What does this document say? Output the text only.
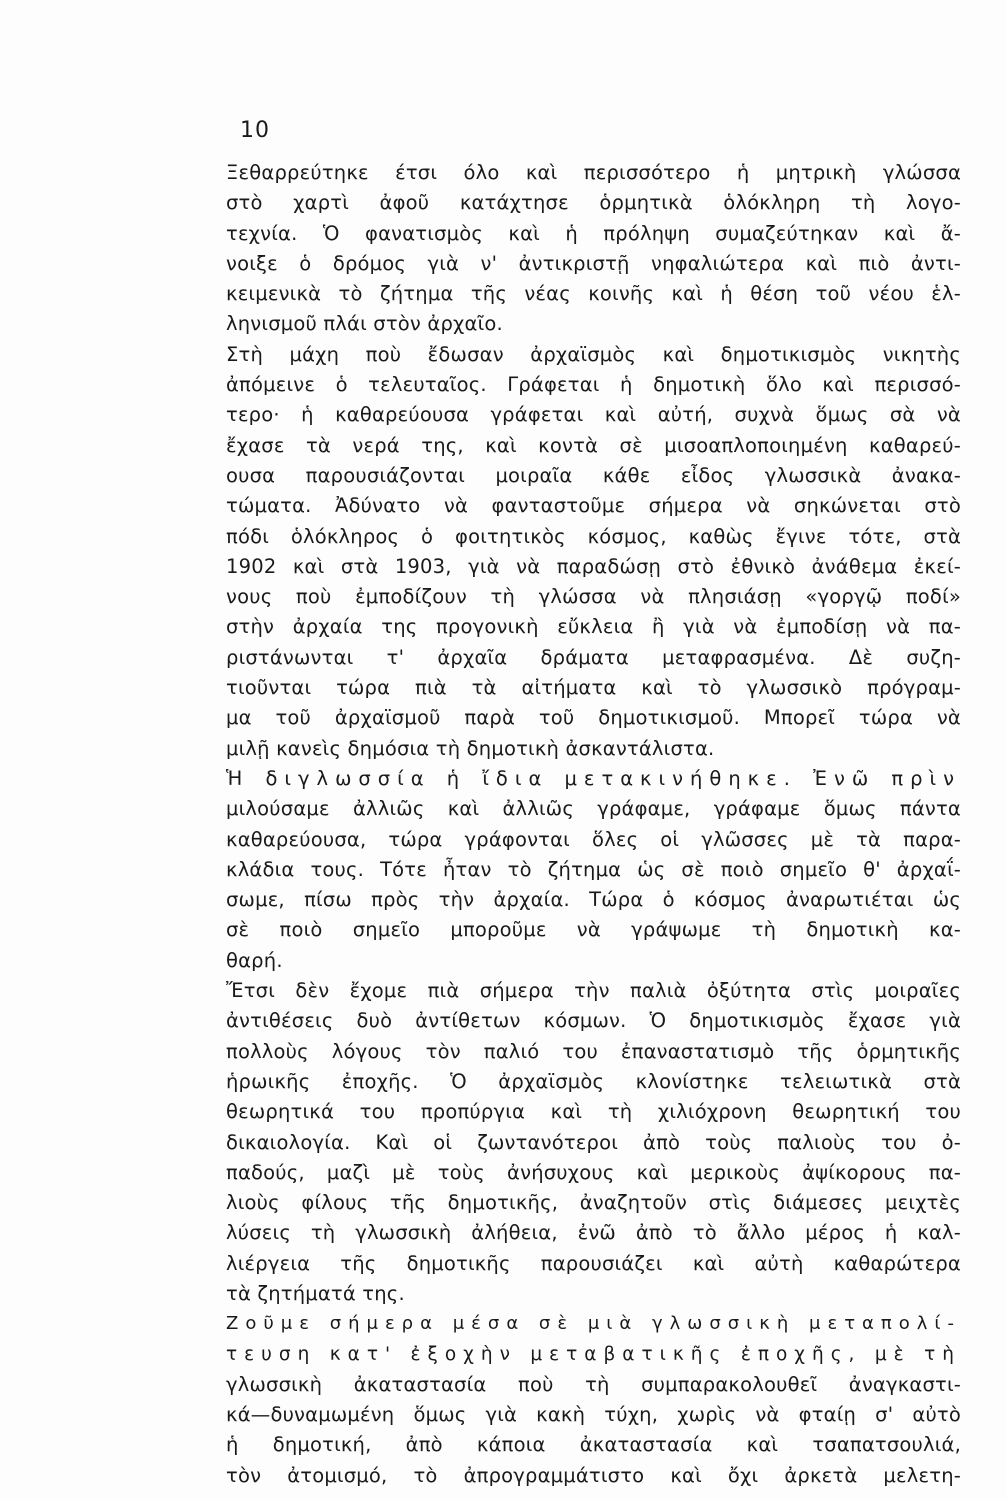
10
Ξεθαρρεύτηκε έτσι όλο καὶ περισσότερο ἡ μητρικὴ γλώσσα
στὸ χαρτὶ ἀφοῦ κατάχτησε ὁρμητικὰ ὁλόκληρη τὴ λογο-
τεχνία. Ὁ φανατισμὸς καὶ ἡ πρόληψη συμαζεύτηκαν καὶ ἄ-
νοιξε ὁ δρόμος γιὰ ν' ἀντικριστῇ νηφαλιώτερα καὶ πιὸ ἀντι-
κειμενικὰ τὸ ζήτημα τῆς νέας κοινῆς καὶ ἡ θέση τοῦ νέου ἑλ-
ληνισμοῦ πλάι στὸν ἀρχαῖο.
Στὴ μάχη ποὺ ἔδωσαν ἀρχαϊσμὸς καὶ δημοτικισμὸς νικητὴς
ἀπόμεινε ὁ τελευταῖος. Γράφεται ἡ δημοτικὴ ὅλο καὶ περισσό-
τερο· ἡ καθαρεύουσα γράφεται καὶ αὐτή, συχνὰ ὅμως σὰ νὰ
ἔχασε τὰ νερά της, καὶ κοντὰ σὲ μισοαπλοποιημένη καθαρεύ-
ουσα παρουσιάζονται μοιραῖα κάθε εἶδος γλωσσικὰ ἀνακα-
τώματα. Ἀδύνατο νὰ φανταστοῦμε σήμερα νὰ σηκώνεται στὸ
πόδι ὁλόκληρος ὁ φοιτητικὸς κόσμος, καθὼς ἔγινε τότε, στὰ
1902 καὶ στὰ 1903, γιὰ νὰ παραδώσῃ στὸ ἐθνικὸ ἀνάθεμα ἐκεί-
νους ποὺ ἐμποδίζουν τὴ γλώσσα νὰ πλησιάσῃ «γοργῷ ποδί»
στὴν ἀρχαία της προγονικὴ εὔκλεια ἢ γιὰ νὰ ἐμποδίσῃ νὰ πα-
ριστάνωνται τ' ἀρχαῖα δράματα μεταφρασμένα. Δὲ συζη-
τιοῦνται τώρα πιὰ τὰ αἰτήματα καὶ τὸ γλωσσικὸ πρόγραμ-
μα τοῦ ἀρχαϊσμοῦ παρὰ τοῦ δημοτικισμοῦ. Μπορεῖ τώρα νὰ
μιλῇ κανεὶς δημόσια τὴ δημοτικὴ ἀσκαντάλιστα.
Ἡ διγλωσσία ἡ ἴδια μετακινήθηκε. Ἐνῶ πρὶν
μιλούσαμε ἀλλιῶς καὶ ἀλλιῶς γράφαμε, γράφαμε ὅμως πάντα
καθαρεύουσα, τώρα γράφονται ὅλες οἱ γλῶσσες μὲ τὰ παρα-
κλάδια τους. Τότε ἦταν τὸ ζήτημα ὡς σὲ ποιὸ σημεῖο θ' ἀρχαΐ-
σωμε, πίσω πρὸς τὴν ἀρχαία. Τώρα ὁ κόσμος ἀναρωτιέται ὡς
σὲ ποιὸ σημεῖο μποροῦμε νὰ γράψωμε τὴ δημοτικὴ κα-
θαρή.
Ἔτσι δὲν ἔχομε πιὰ σήμερα τὴν παλιὰ ὀξύτητα στὶς μοιραῖες
ἀντιθέσεις δυὸ ἀντίθετων κόσμων. Ὁ δημοτικισμὸς ἔχασε γιὰ
πολλοὺς λόγους τὸν παλιό του ἐπαναστατισμὸ τῆς ὁρμητικῆς
ἡρωικῆς ἐποχῆς. Ὁ ἀρχαϊσμὸς κλονίστηκε τελειωτικὰ στὰ
θεωρητικά του προπύργια καὶ τὴ χιλιόχρονη θεωρητική του
δικαιολογία. Καὶ οἱ ζωντανότεροι ἀπὸ τοὺς παλιοὺς του ὀ-
παδούς, μαζὶ μὲ τοὺς ἀνήσυχους καὶ μερικοὺς ἀψίκορους πα-
λιοὺς φίλους τῆς δημοτικῆς, ἀναζητοῦν στὶς διάμεσες μειχτὲς
λύσεις τὴ γλωσσικὴ ἀλήθεια, ἐνῶ ἀπὸ τὸ ἄλλο μέρος ἡ καλ-
λιέργεια τῆς δημοτικῆς παρουσιάζει καὶ αὐτὴ καθαρώτερα
τὰ ζητήματά της.
Ζοῦμε σήμερα μέσα σὲ μιὰ γλωσσικὴ μεταπολί-
τευση κατ' ἐξοχὴν μεταβατικῆς ἐποχῆς, μὲ τὴ
γλωσσικὴ ἀκαταστασία ποὺ τὴ συμπαρακολουθεῖ ἀναγκαστι-
κά—δυναμωμένη ὅμως γιὰ κακὴ τύχη, χωρὶς νὰ φταίῃ σ' αὐτὸ
ἡ δημοτική, ἀπὸ κάποια ἀκαταστασία καὶ τσαπατσουλιά,
τὸν ἀτομισμό, τὸ ἀπρογραμμάτιστο καὶ ὄχι ἀρκετὰ μελετη-
